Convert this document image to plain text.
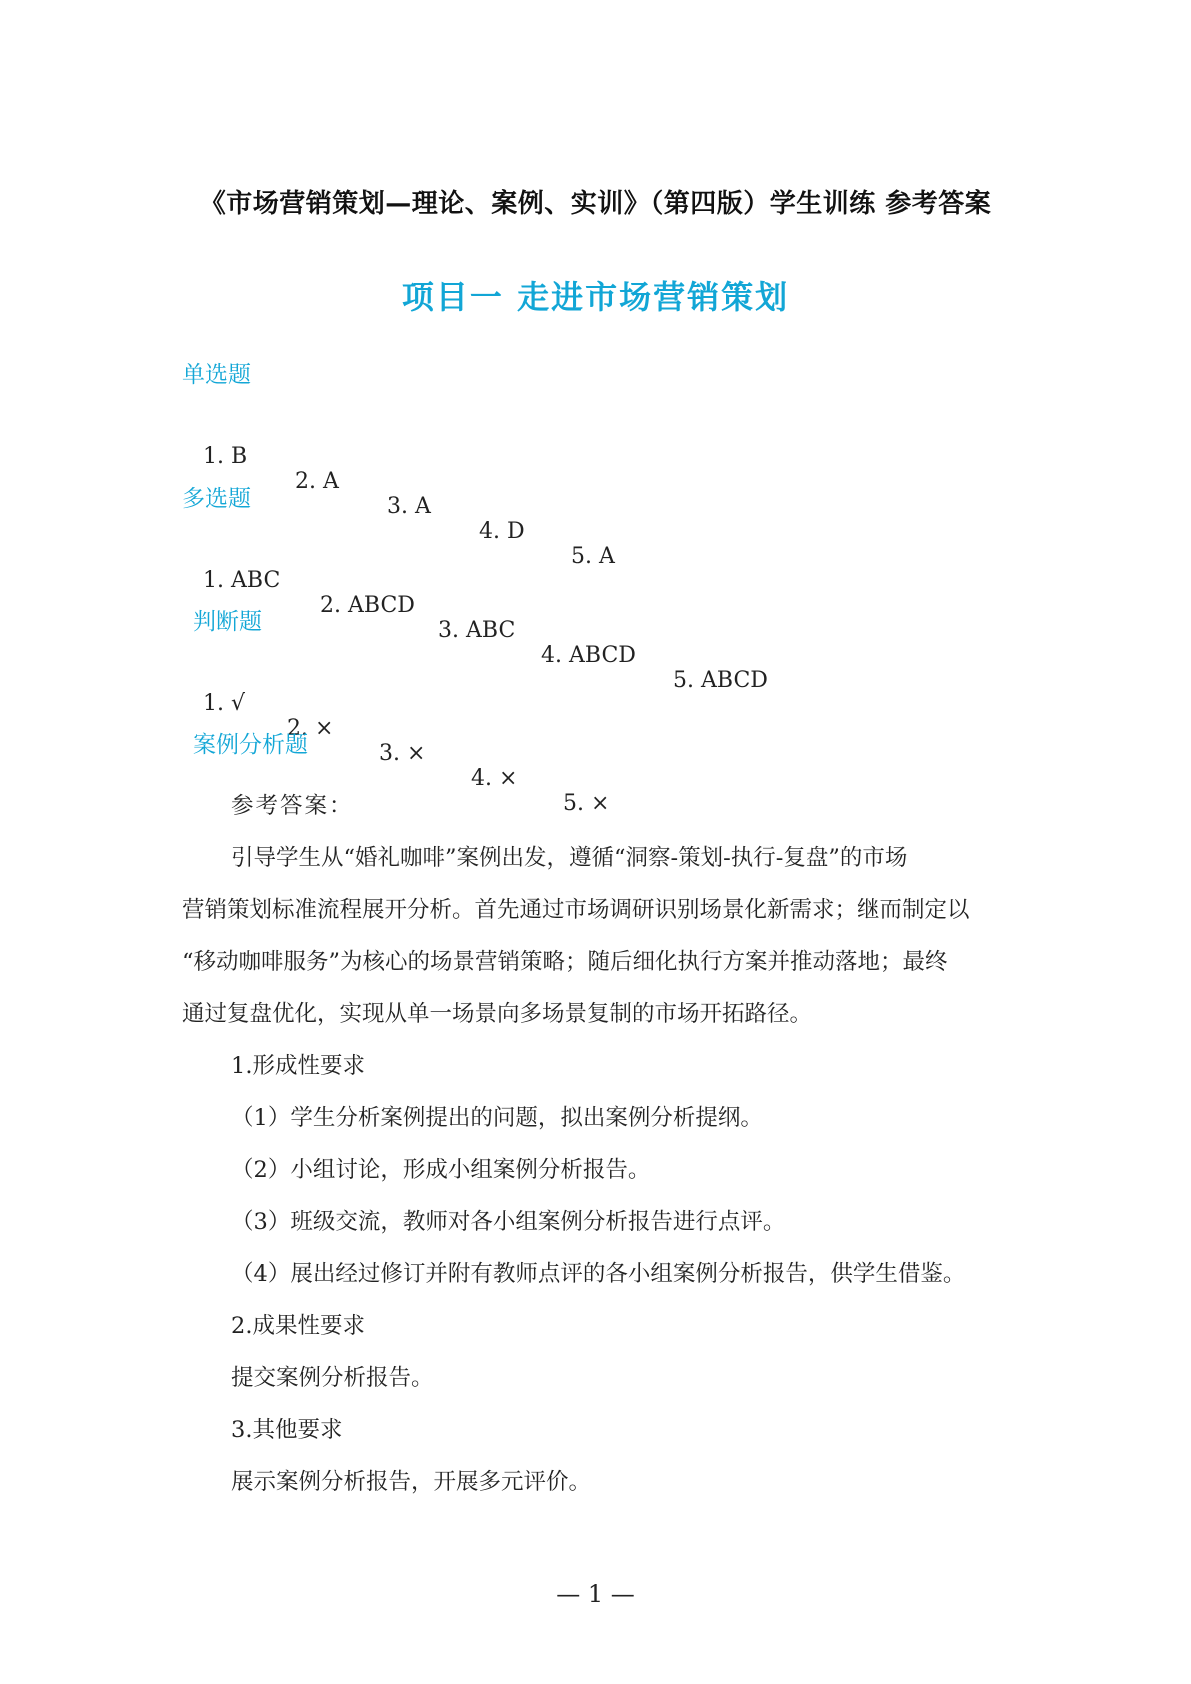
《市场营销策划—理论、案例、实训》（第四版）学生训练 参考答案
项目一 走进市场营销策划
单选题

1. B

2. A

3. A

4. D

5. A

多选题

1. ABC

2. ABCD

3. ABC

4. ABCD

5. ABCD

判断题

1. √

2. ×

3. ×

4. ×

5. ×

案例分析题
参考答案：
引导学生从“婚礼咖啡”案例出发，遵循“洞察-策划-执行-复盘”的市场
营销策划标准流程展开分析。首先通过市场调研识别场景化新需求；继而制定以
“移动咖啡服务”为核心的场景营销策略；随后细化执行方案并推动落地；最终
通过复盘优化，实现从单一场景向多场景复制的市场开拓路径。
1.形成性要求
（1）学生分析案例提出的问题，拟出案例分析提纲。
（2）小组讨论，形成小组案例分析报告。
（3）班级交流，教师对各小组案例分析报告进行点评。
（4）展出经过修订并附有教师点评的各小组案例分析报告，供学生借鉴。
2.成果性要求
提交案例分析报告。
3.其他要求
展示案例分析报告，开展多元评价。
— 1 —
